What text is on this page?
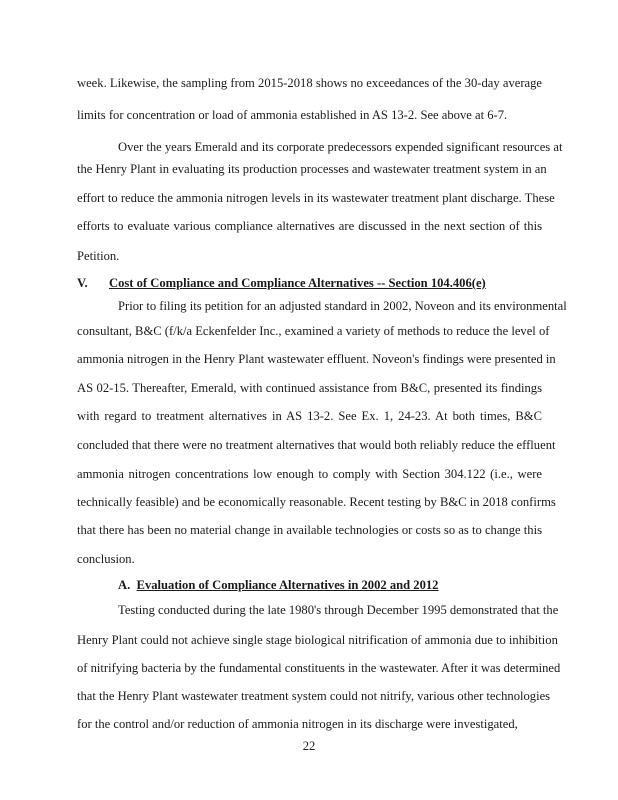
week. Likewise, the sampling from 2015-2018 shows no exceedances of the 30-day average
limits for concentration or load of ammonia established in AS 13-2. See above at 6-7.
Over the years Emerald and its corporate predecessors expended significant resources at
the Henry Plant in evaluating its production processes and wastewater treatment system in an
effort to reduce the ammonia nitrogen levels in its wastewater treatment plant discharge. These
efforts to evaluate various compliance alternatives are discussed in the next section of this
Petition.
V. Cost of Compliance and Compliance Alternatives -- Section 104.406(e)
Prior to filing its petition for an adjusted standard in 2002, Noveon and its environmental
consultant, B&C (f/k/a Eckenfelder Inc., examined a variety of methods to reduce the level of
ammonia nitrogen in the Henry Plant wastewater effluent. Noveon's findings were presented in
AS 02-15. Thereafter, Emerald, with continued assistance from B&C, presented its findings
with regard to treatment alternatives in AS 13-2. See Ex. 1, 24-23. At both times, B&C
concluded that there were no treatment alternatives that would both reliably reduce the effluent
ammonia nitrogen concentrations low enough to comply with Section 304.122 (i.e., were
technically feasible) and be economically reasonable. Recent testing by B&C in 2018 confirms
that there has been no material change in available technologies or costs so as to change this
conclusion.
A. Evaluation of Compliance Alternatives in 2002 and 2012
Testing conducted during the late 1980's through December 1995 demonstrated that the
Henry Plant could not achieve single stage biological nitrification of ammonia due to inhibition
of nitrifying bacteria by the fundamental constituents in the wastewater. After it was determined
that the Henry Plant wastewater treatment system could not nitrify, various other technologies
for the control and/or reduction of ammonia nitrogen in its discharge were investigated,
22
